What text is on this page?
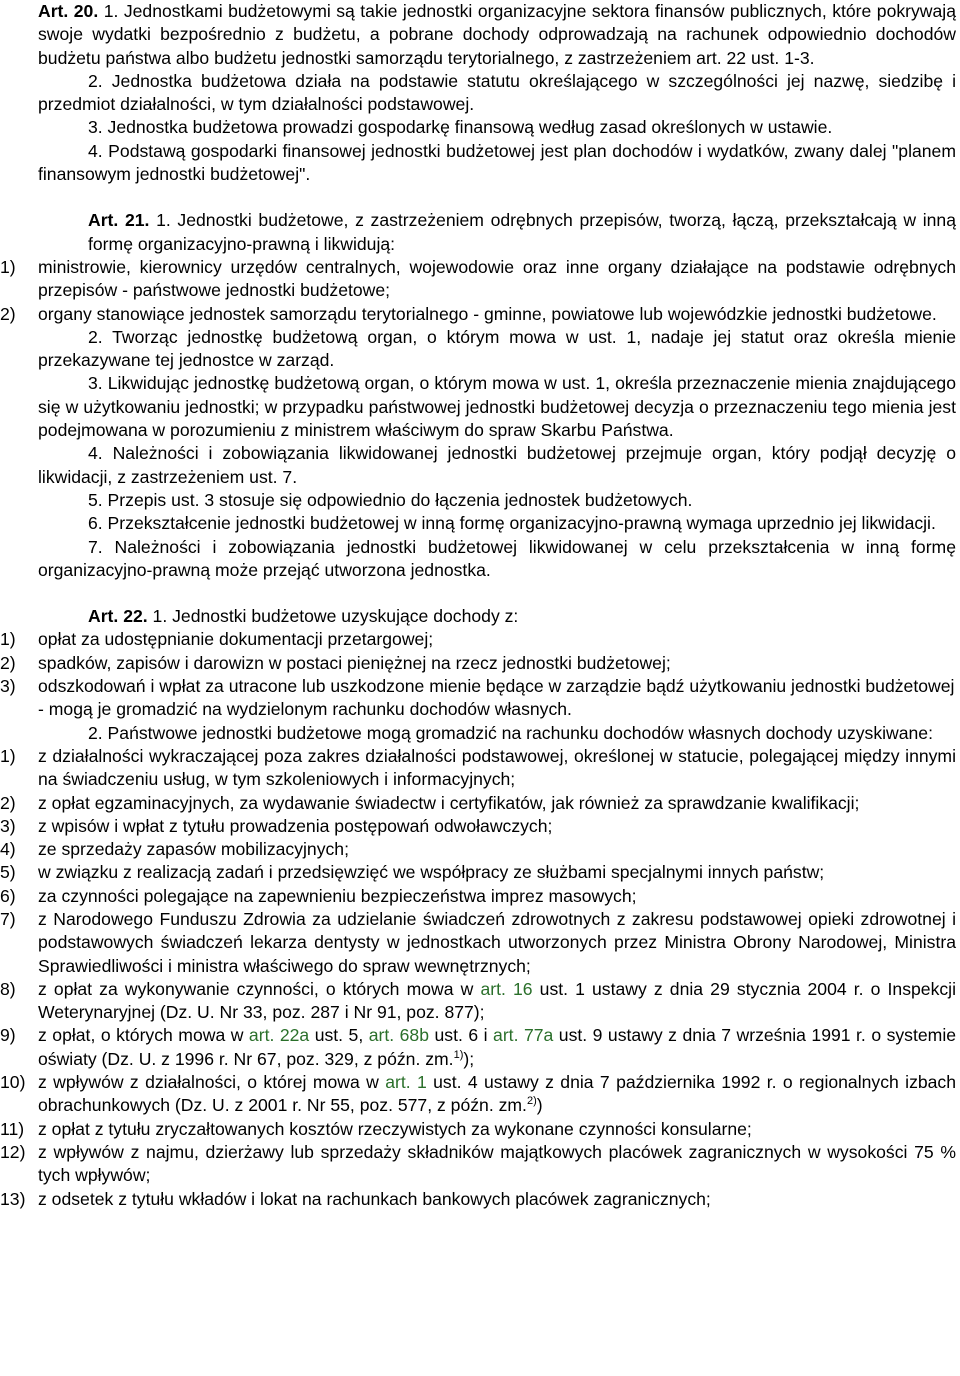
Art. 20. 1. Jednostkami budżetowymi są takie jednostki organizacyjne sektora finansów publicznych, które pokrywają swoje wydatki bezpośrednio z budżetu, a pobrane dochody odprowadzają na rachunek odpowiednio dochodów budżetu państwa albo budżetu jednostki samorządu terytorialnego, z zastrzeżeniem art. 22 ust. 1-3.

2. Jednostka budżetowa działa na podstawie statutu określającego w szczególności jej nazwę, siedzibę i przedmiot działalności, w tym działalności podstawowej.

3. Jednostka budżetowa prowadzi gospodarkę finansową według zasad określonych w ustawie.

4. Podstawą gospodarki finansowej jednostki budżetowej jest plan dochodów i wydatków, zwany dalej "planem finansowym jednostki budżetowej".

Art. 21. 1. Jednostki budżetowe, z zastrzeżeniem odrębnych przepisów, tworzą, łączą, przekształcają w inną formę organizacyjno-prawną i likwidują:

1)	ministrowie, kierownicy urzędów centralnych, wojewodowie oraz inne organy działające na podstawie odrębnych przepisów - państwowe jednostki budżetowe;
2)	organy stanowiące jednostek samorządu terytorialnego - gminne, powiatowe lub wojewódzkie jednostki budżetowe.

2. Tworząc jednostkę budżetową organ, o którym mowa w ust. 1, nadaje jej statut oraz określa mienie przekazywane tej jednostce w zarząd.

3. Likwidując jednostkę budżetową organ, o którym mowa w ust. 1, określa przeznaczenie mienia znajdującego się w użytkowaniu jednostki; w przypadku państwowej jednostki budżetowej decyzja o przeznaczeniu tego mienia jest podejmowana w porozumieniu z ministrem właściwym do spraw Skarbu Państwa.

4. Należności i zobowiązania likwidowanej jednostki budżetowej przejmuje organ, który podjął decyzję o likwidacji, z zastrzeżeniem ust. 7.

5. Przepis ust. 3 stosuje się odpowiednio do łączenia jednostek budżetowych.

6. Przekształcenie jednostki budżetowej w inną formę organizacyjno-prawną wymaga uprzednio jej likwidacji.

7. Należności i zobowiązania jednostki budżetowej likwidowanej w celu przekształcenia w inną formę organizacyjno-prawną może przejąć utworzona jednostka.

Art. 22. 1. Jednostki budżetowe uzyskujące dochody z:

1)	opłat za udostępnianie dokumentacji przetargowej;
2)	spadków, zapisów i darowizn w postaci pieniężnej na rzecz jednostki budżetowej;
3)	odszkodowań i wpłat za utracone lub uszkodzone mienie będące w zarządzie bądź użytkowaniu jednostki budżetowej

- mogą je gromadzić na wydzielonym rachunku dochodów własnych.

2. Państwowe jednostki budżetowe mogą gromadzić na rachunku dochodów własnych dochody uzyskiwane:

1)	z działalności wykraczającej poza zakres działalności podstawowej, określonej w statucie, polegającej między innymi na świadczeniu usług, w tym szkoleniowych i informacyjnych;
2)	z opłat egzaminacyjnych, za wydawanie świadectw i certyfikatów, jak również za sprawdzanie kwalifikacji;
3)	z wpisów i wpłat z tytułu prowadzenia postępowań odwoławczych;
4)	ze sprzedaży zapasów mobilizacyjnych;
5)	w związku z realizacją zadań i przedsięwzięć we współpracy ze służbami specjalnymi innych państw;
6)	za czynności polegające na zapewnieniu bezpieczeństwa imprez masowych;
7)	z Narodowego Funduszu Zdrowia za udzielanie świadczeń zdrowotnych z zakresu podstawowej opieki zdrowotnej i podstawowych świadczeń lekarza dentysty w jednostkach utworzonych przez Ministra Obrony Narodowej, Ministra Sprawiedliwości i ministra właściwego do spraw wewnętrznych;
8)	z opłat za wykonywanie czynności, o których mowa w art. 16 ust. 1 ustawy z dnia 29 stycznia 2004 r. o Inspekcji Weterynaryjnej (Dz. U. Nr 33, poz. 287 i Nr 91, poz. 877);
9)	z opłat, o których mowa w art. 22a ust. 5, art. 68b ust. 6 i art. 77a ust. 9 ustawy z dnia 7 września 1991 r. o systemie oświaty (Dz. U. z 1996 r. Nr 67, poz. 329, z późn. zm.$^{1)}$);
10) z wpływów z działalności, o której mowa w art. 1 ust. 4 ustawy z dnia 7 października 1992 r. o regionalnych izbach obrachunkowych (Dz. U. z 2001 r. Nr 55, poz. 577, z późn. zm.$^{2)}$)
11) z opłat z tytułu zryczałtowanych kosztów rzeczywistych za wykonane czynności konsularne;
12) z wpływów z najmu, dzierżawy lub sprzedaży składników majątkowych placówek zagranicznych w wysokości 75 % tych wpływów;
13) z odsetek z tytułu wkładów i lokat na rachunkach bankowych placówek zagranicznych;
